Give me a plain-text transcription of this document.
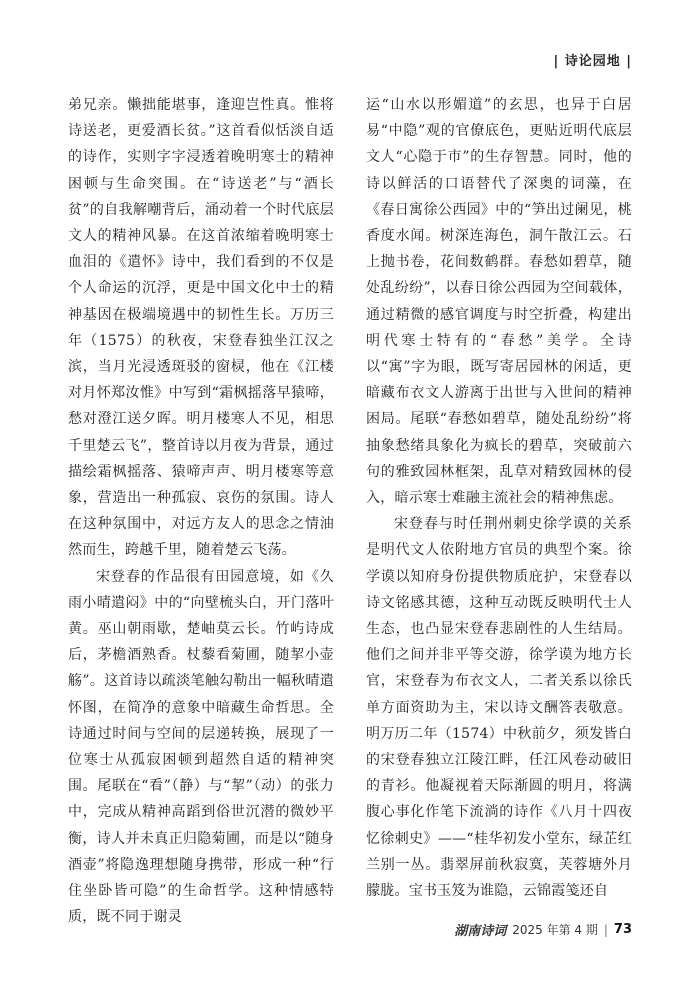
| 诗论园地 |

弟兄亲。懒拙能堪事，逢迎岂性真。惟将诗送老，更爱酒长贫。”这首看似恬淡自适的诗作，实则字字浸透着晚明寒士的精神困顿与生命突围。在“诗送老”与“酒长贫”的自我解嘲背后，涌动着一个时代底层文人的精神风暴。在这首浓缩着晚明寒士血泪的《遣怀》诗中，我们看到的不仅是个人命运的沉浮，更是中国文化中士的精神基因在极端境遇中的韧性生长。万历三年（1575）的秋夜，宋登春独坐江汉之滨，当月光浸透斑驳的窗棂，他在《江楼对月怀郑汝惟》中写到“霜枫摇落早猿啼，愁对澄江送夕晖。明月楼寒人不见，相思千里楚云飞”，整首诗以月夜为背景，通过描绘霜枫摇落、猿啼声声、明月楼寒等意象，营造出一种孤寂、哀伤的氛围。诗人在这种氛围中，对远方友人的思念之情油然而生，跨越千里，随着楚云飞荡。

宋登春的作品很有田园意境，如《久雨小晴遣闷》中的“向壁梳头白，开门落叶黄。巫山朝雨歇，楚岫莫云长。竹屿诗成后，茅檐酒熟香。杖藜看菊圃，随挈小壶觞”。这首诗以疏淡笔触勾勒出一幅秋晴遣怀图，在简净的意象中暗藏生命哲思。全诗通过时间与空间的层递转换，展现了一位寒士从孤寂困顿到超然自适的精神突围。尾联在“看”（静）与“挈”（动）的张力中，完成从精神高蹈到俗世沉潜的微妙平衡，诗人并未真正归隐菊圃，而是以“随身酒壶”将隐逸理想随身携带，形成一种“行住坐卧皆可隐”的生命哲学。这种情感特质，既不同于谢灵

运“山水以形媚道”的玄思，也异于白居易“中隐”观的官僚底色，更贴近明代底层文人“心隐于市”的生存智慧。同时，他的诗以鲜活的口语替代了深奥的词藻，在《春日寓徐公西园》中的“笋出过阑见，桃香度水闻。树深连海色，洞午散江云。石上抛书卷，花间数鹤群。春愁如碧草，随处乱纷纷”，以春日徐公西园为空间载体，通过精微的感官调度与时空折叠，构建出明代寒士特有的“春愁”美学。全诗以“寓”字为眼，既写寄居园林的闲适，更暗藏布衣文人游离于出世与入世间的精神困局。尾联“春愁如碧草，随处乱纷纷”将抽象愁绪具象化为疯长的碧草，突破前六句的雅致园林框架，乱草对精致园林的侵入，暗示寒士难融主流社会的精神焦虑。

宋登春与时任荆州刺史徐学谟的关系是明代文人依附地方官员的典型个案。徐学谟以知府身份提供物质庇护，宋登春以诗文铭感其德，这种互动既反映明代士人生态，也凸显宋登春悲剧性的人生结局。他们之间并非平等交游，徐学谟为地方长官，宋登春为布衣文人，二者关系以徐氏单方面资助为主，宋以诗文酬答表敬意。明万历二年（1574）中秋前夕，须发皆白的宋登春独立江陵江畔，任江风卷动破旧的青衫。他凝视着天际渐圆的明月，将满腹心事化作笔下流淌的诗作《八月十四夜忆徐刺史》——“桂华初发小堂东，绿芷红兰别一丛。翡翠屏前秋寂寞，芙蓉塘外月朦胧。宝书玉笈为谁隐，云锦霞笺还自

湖南诗词 2025 年第 4 期 | 73
